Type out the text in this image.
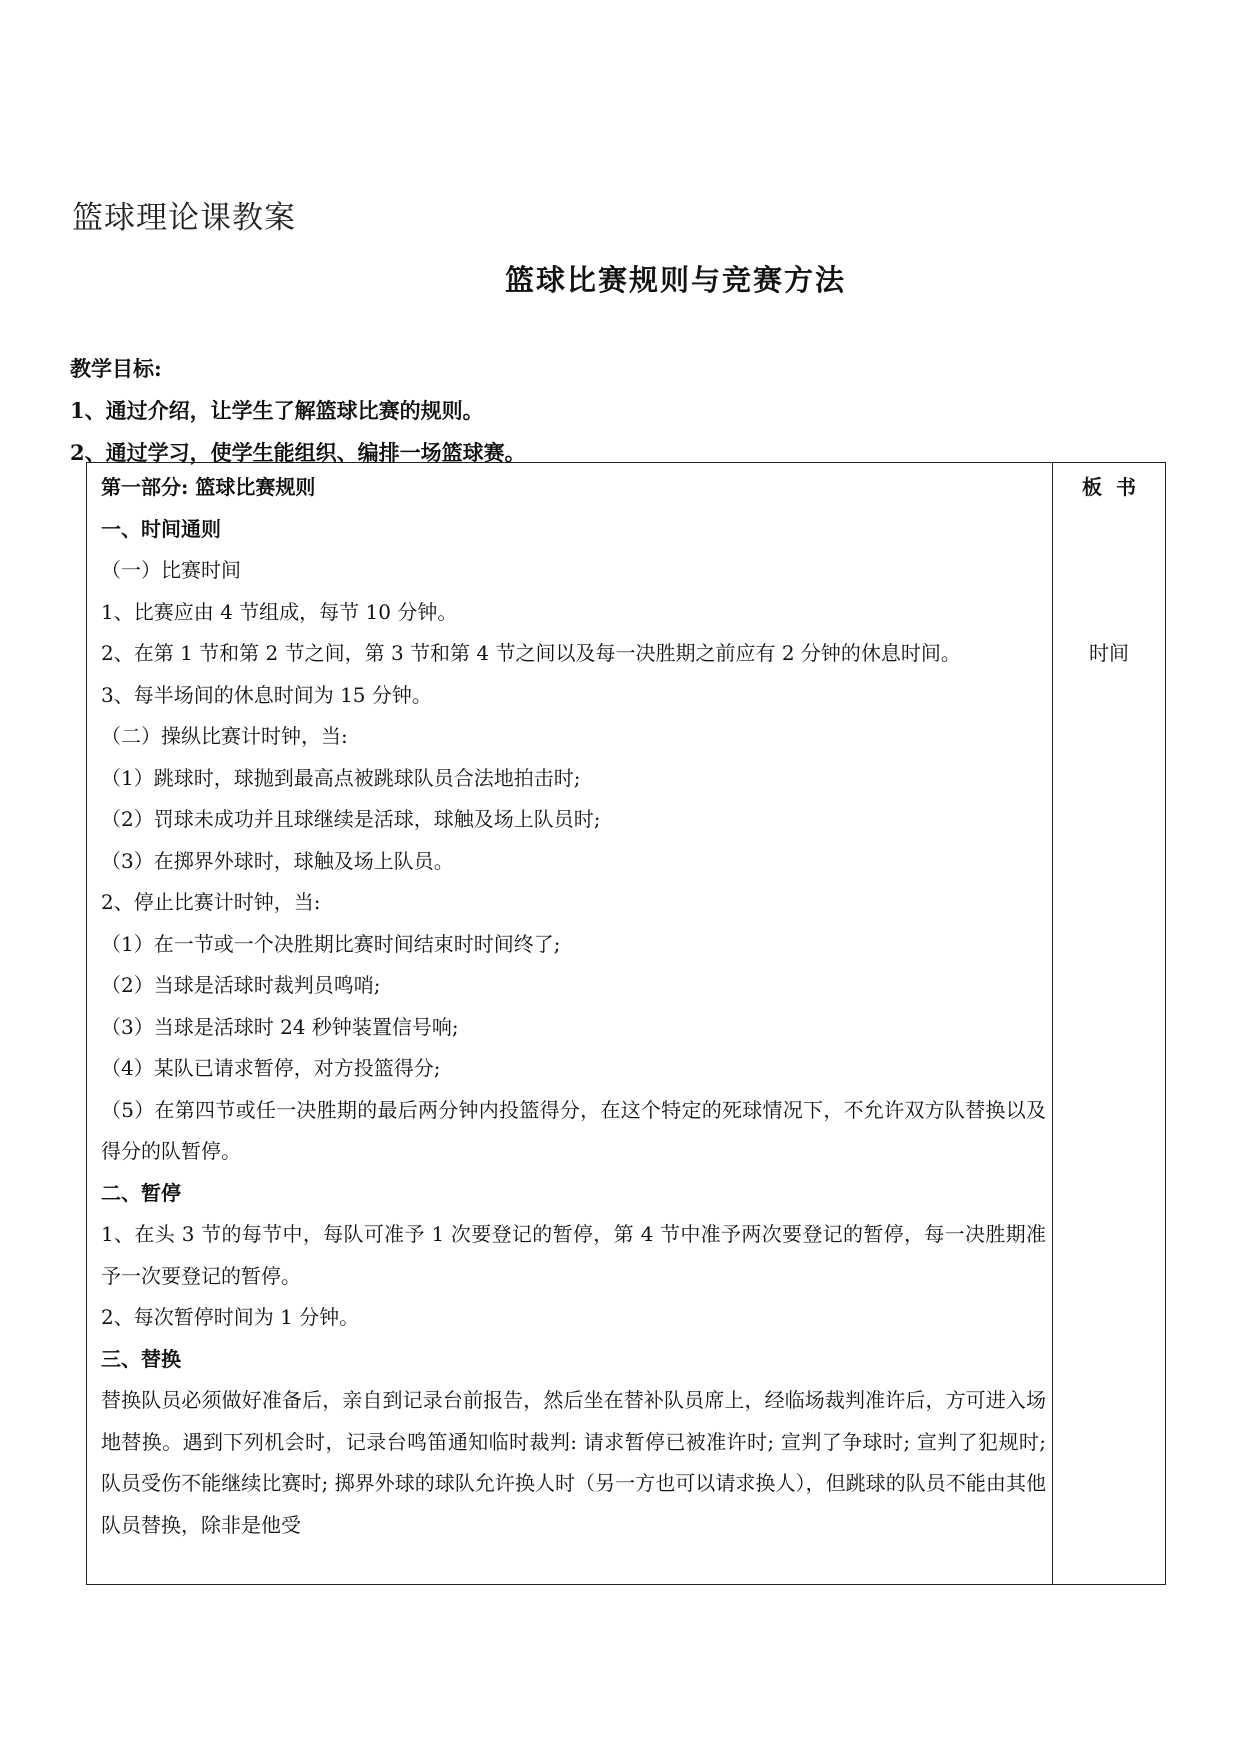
篮球理论课教案
篮球比赛规则与竞赛方法
教学目标:
1、通过介绍，让学生了解篮球比赛的规则。
2、通过学习，使学生能组织、编排一场篮球赛。
第一部分: 篮球比赛规则
一、时间通则
（一）比赛时间
1、比赛应由 4 节组成，每节 10 分钟。
2、在第 1 节和第 2 节之间，第 3 节和第 4 节之间以及每一决胜期之前应有 2 分钟的休息时间。
3、每半场间的休息时间为 15 分钟。
（二）操纵比赛计时钟，当:
（1）跳球时，球抛到最高点被跳球队员合法地拍击时;
（2）罚球未成功并且球继续是活球，球触及场上队员时;
（3）在掷界外球时，球触及场上队员。
2、停止比赛计时钟，当:
（1）在一节或一个决胜期比赛时间结束时时间终了;
（2）当球是活球时裁判员鸣哨;
（3）当球是活球时 24 秒钟装置信号响;
（4）某队已请求暂停，对方投篮得分;
（5）在第四节或任一决胜期的最后两分钟内投篮得分，在这个特定的死球情况下，不允许双方队替换以及得分的队暂停。
二、暂停
1、在头 3 节的每节中，每队可准予 1 次要登记的暂停，第 4 节中准予两次要登记的暂停，每一决胜期准予一次要登记的暂停。
2、每次暂停时间为 1 分钟。
三、替换
替换队员必须做好准备后，亲自到记录台前报告，然后坐在替补队员席上，经临场裁判准许后，方可进入场地替换。遇到下列机会时，记录台鸣笛通知临时裁判: 请求暂停已被准许时; 宣判了争球时; 宣判了犯规时; 队员受伤不能继续比赛时; 掷界外球的球队允许换人时（另一方也可以请求换人），但跳球的队员不能由其他队员替换，除非是他受
板书
时间
